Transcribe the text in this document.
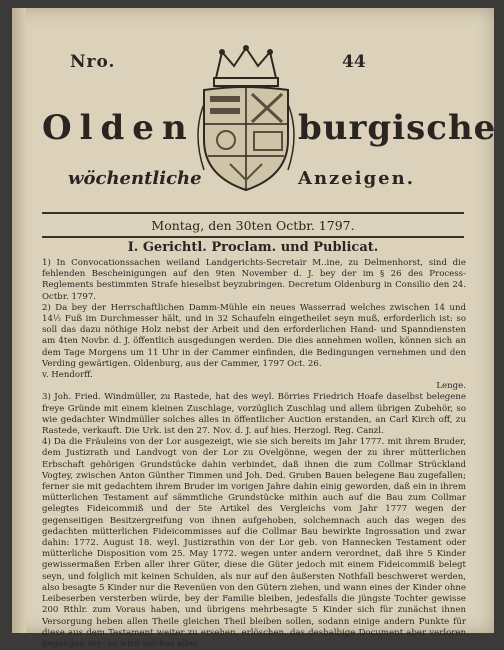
Nro.	44
Olden	burgische
wöchentliche	Anzeigen.
Montag, den 30ten Octbr. 1797.
I. Gerichtl. Proclam. und Publicat.

1) In Convocationssachen weiland Landgerichts-Secretair M..ine, zu Delmenhorst, sind die fehlenden Bescheinigungen auf den 9ten November d. J. bey der im § 26 des Process-Reglements bestimmten Strafe hieselbst beyzubringen. Decretum Oldenburg in Consilio den 24. Octbr. 1797.

2) Da bey der Herrschaftlichen Damm-Mühle ein neues Wasserrad welches zwischen 14 und 14½ Fuß im Durchmesser hält, und in 32 Schaufeln eingetheilet seyn muß, erforderlich ist: so soll das dazu nöthige Holz nebst der Arbeit und den erforderlichen Hand- und Spanndiensten am 4ten Novbr. d. J. öffentlich ausgedungen werden. Die dies annehmen wollen, können sich an dem Tage Morgens um 11 Uhr in der Cammer einfinden, die Bedingungen vernehmen und den Verding gewärtigen. Oldenburg, aus der Cammer, 1797 Oct. 26.

v. Hendorff.

Lenge.

3) Joh. Fried. Windmüller, zu Rastede, hat des weyl. Börries Friedrich Hoafe daselbst belegene freye Gründe mit einem kleinen Zuschlage, vorzüglich Zuschlag und allem übrigen Zubehör, so wie gedachter Windmüller solches alles in öffentlicher Auction erstanden, an Carl Kirch off, zu Rastede, verkauft. Die Urk. ist den 27. Nov. d. J. auf hies. Herzogl. Reg. Canzl.

4) Da die Fräuleins von der Lor ausgezeigt, wie sie sich bereits im Jahr 1777. mit ihrem Bruder, dem Justizrath und Landvogt von der Lor zu Ovelgönne, wegen der zu ihrer mütterlichen Erbschaft gehörigen Grundstücke dahin verbindet, daß ihnen die zum Collmar Strückland Vogtey, zwischen Anton Günther Timmen und Joh. Ded. Gruben Bauen belegene Bau zugefallen; ferner sie mit gedachtem ihrem Bruder im vorigen Jahre dahin einig geworden, daß ein in ihrem mütterlichen Testament auf sämmtliche Grundstücke mithin auch auf die Bau zum Collmar gelegtes Fideicommiß und der 5te Artikel des Vergleichs vom Jahr 1777 wegen der gegenseitigen Besitzergreifung von ihnen aufgehoben, solchemnach auch das wegen des gedachten mütterlichen Fideicommisses auf die Collmar Bau bewirkte Ingrossation und zwar dahin: 1772. August 18. weyl. Justizrathin von der Lor geb. von Hannecken Testament oder mütterliche Disposition vom 25. May 1772. wegen unter andern verordnet, daß ihre 5 Kinder gewissermaßen Erben aller ihrer Güter, diese die Güter jedoch mit einem Fideicommiß belegt seyn, und folglich mit keinen Schulden, als nur auf den äußersten Nothfall beschweret werden, also besagte 5 Kinder nur die Revenüen von den Gütern ziehen, und wann eines der Kinder ohne Leibeserben versterben würde, bey der Familie bleiben, jedesfalls die jüngste Tochter gewisse 200 Rthlr. zum Voraus haben, und übrigens mehrbesagte 5 Kinder sich für zunächst ihnen Versorgung heben allen Theile gleichen Theil bleiben sollen, sodann einige andern Punkte für diese aus dem Testament weiter zu ersehen, erlöschen, das deshalbige Document aber verloren gegangen sey: so wird solches alles
